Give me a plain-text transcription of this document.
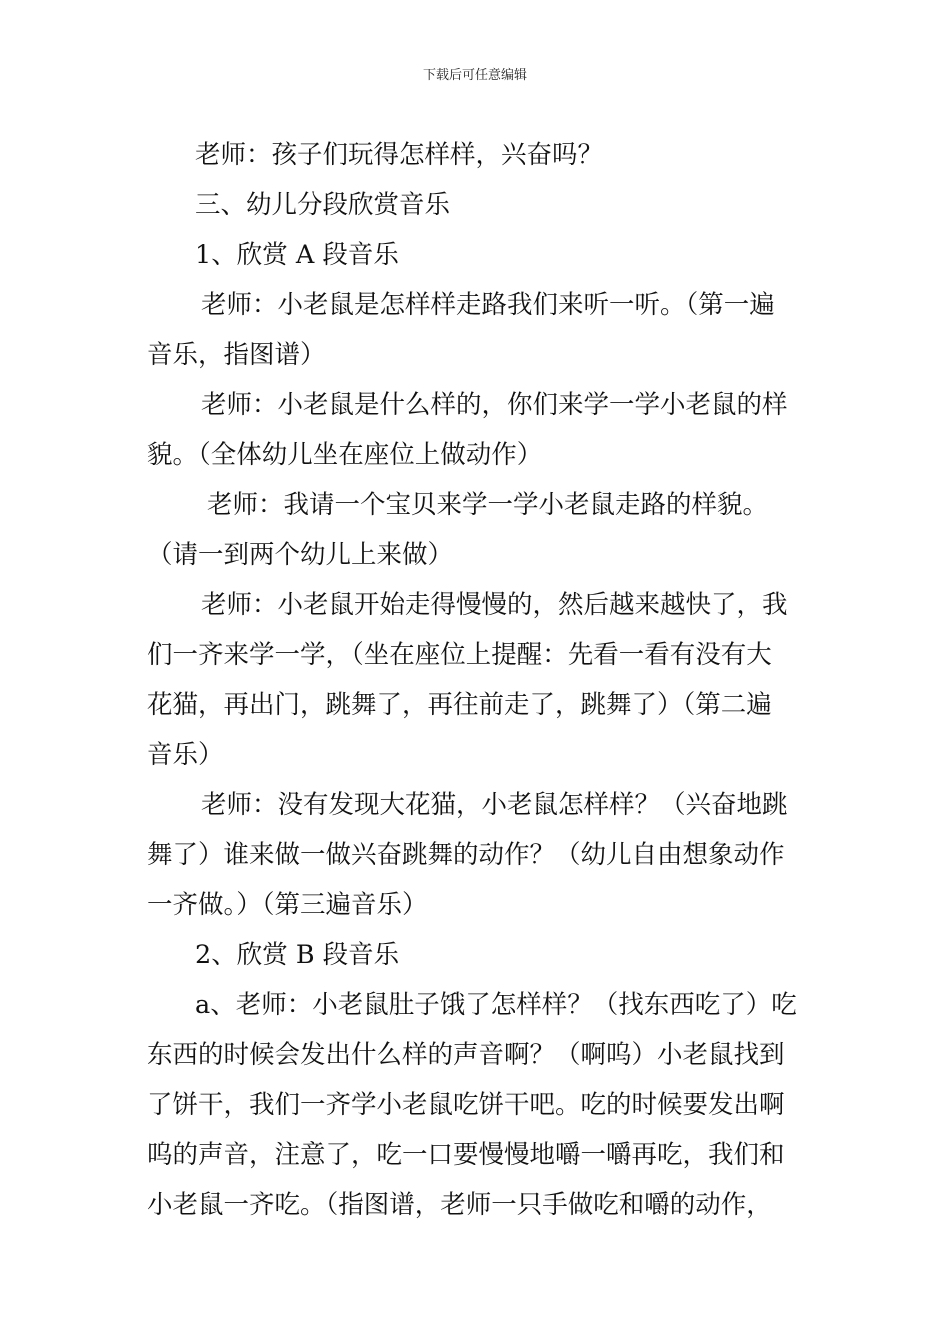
下载后可任意编辑
老师：孩子们玩得怎样样，兴奋吗？
三、幼儿分段欣赏音乐
1、欣赏 A 段音乐
老师：小老鼠是怎样样走路我们来听一听。（第一遍
音乐，指图谱）
老师：小老鼠是什么样的，你们来学一学小老鼠的样
貌。（全体幼儿坐在座位上做动作）
老师：我请一个宝贝来学一学小老鼠走路的样貌。
（请一到两个幼儿上来做）
老师：小老鼠开始走得慢慢的，然后越来越快了，我
们一齐来学一学，（坐在座位上提醒：先看一看有没有大
花猫，再出门，跳舞了，再往前走了，跳舞了）（第二遍
音乐）
老师：没有发现大花猫，小老鼠怎样样？（兴奋地跳
舞了）谁来做一做兴奋跳舞的动作？（幼儿自由想象动作
一齐做。）（第三遍音乐）
2、欣赏 B 段音乐
a、老师：小老鼠肚子饿了怎样样？（找东西吃了）吃
东西的时候会发出什么样的声音啊？（啊呜）小老鼠找到
了饼干，我们一齐学小老鼠吃饼干吧。吃的时候要发出啊
呜的声音，注意了，吃一口要慢慢地嚼一嚼再吃，我们和
小老鼠一齐吃。（指图谱，老师一只手做吃和嚼的动作，
